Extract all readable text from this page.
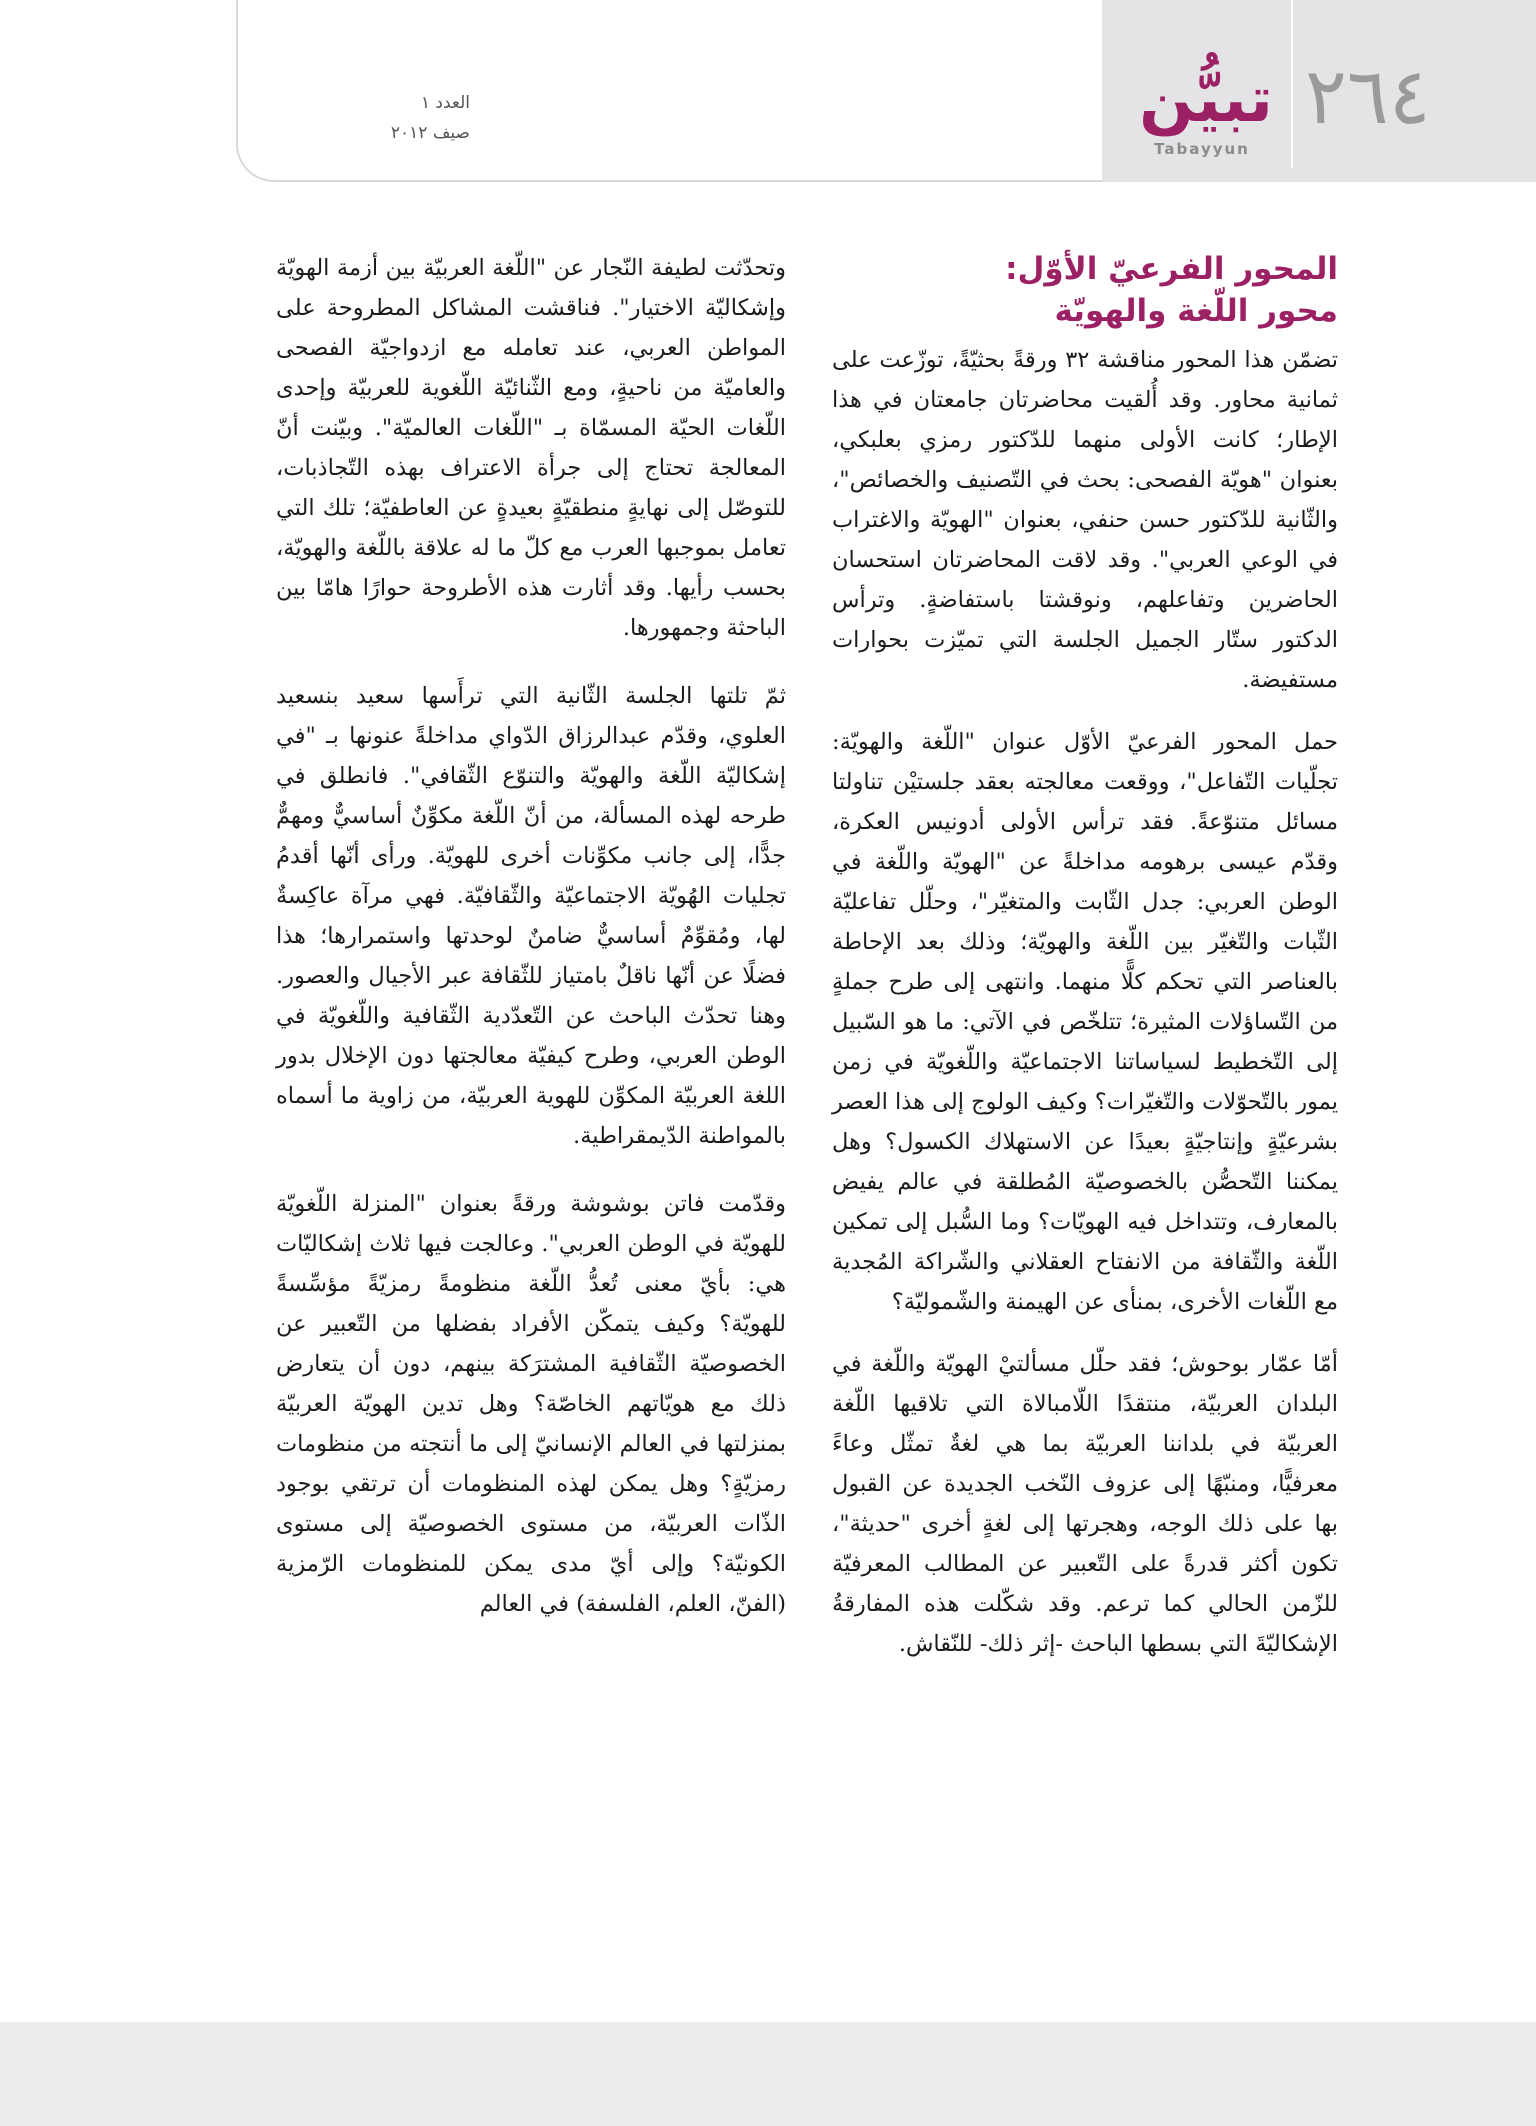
٢٦٤
تبيُّن
Tabayyun
العدد ١
صيف ٢٠١٢
المحور الفرعيّ الأوّل:
محور اللّغة والهويّة

تضمّن هذا المحور مناقشة ٣٢ ورقةً بحثيّةً، توزّعت على ثمانية محاور. وقد أُلقيت محاضرتان جامعتان في هذا الإطار؛ كانت الأولى منهما للدّكتور رمزي بعلبكي، بعنوان "هويّة الفصحى: بحث في التّصنيف والخصائص"، والثّانية للدّكتور حسن حنفي، بعنوان "الهويّة والاغتراب في الوعي العربي". وقد لاقت المحاضرتان استحسان الحاضرين وتفاعلهم، ونوقشتا باستفاضةٍ. وترأس الدكتور ستّار الجميل الجلسة التي تميّزت بحوارات مستفيضة.

حمل المحور الفرعيّ الأوّل عنوان "اللّغة والهويّة: تجلّيات التّفاعل"، ووقعت معالجته بعقد جلستيْن تناولتا مسائل متنوّعةً. فقد ترأس الأولى أدونيس العكرة، وقدّم عيسى برهومه مداخلةً عن "الهويّة واللّغة في الوطن العربي: جدل الثّابت والمتغيّر"، وحلّل تفاعليّة الثّبات والتّغيّر بين اللّغة والهويّة؛ وذلك بعد الإحاطة بالعناصر التي تحكم كلًّا منهما. وانتهى إلى طرح جملةٍ من التّساؤلات المثيرة؛ تتلخّص في الآتي: ما هو السّبيل إلى التّخطيط لسياساتنا الاجتماعيّة واللّغويّة في زمن يمور بالتّحوّلات والتّغيّرات؟ وكيف الولوج إلى هذا العصر بشرعيّةٍ وإنتاجيّةٍ بعيدًا عن الاستهلاك الكسول؟ وهل يمكننا التّحصُّن بالخصوصيّة المُطلقة في عالم يفيض بالمعارف، وتتداخل فيه الهويّات؟ وما السُّبل إلى تمكين اللّغة والثّقافة من الانفتاح العقلاني والشّراكة المُجدية مع اللّغات الأخرى، بمنأى عن الهيمنة والشّموليّة؟

أمّا عمّار بوحوش؛ فقد حلّل مسألتيْ الهويّة واللّغة في البلدان العربيّة، منتقدًا اللّامبالاة التي تلاقيها اللّغة العربيّة في بلداننا العربيّة بما هي لغةٌ تمثّل وعاءً معرفيًّا، ومنبّهًا إلى عزوف النّخب الجديدة عن القبول بها على ذلك الوجه، وهجرتها إلى لغةٍ أخرى "حديثة"، تكون أكثر قدرةً على التّعبير عن المطالب المعرفيّة للزّمن الحالي كما ترعم. وقد شكّلت هذه المفارقةُ الإشكاليّةَ التي بسطها الباحث -إثر ذلك- للنّقاش.

وتحدّثت لطيفة النّجار عن "اللّغة العربيّة بين أزمة الهويّة وإشكاليّة الاختيار". فناقشت المشاكل المطروحة على المواطن العربي، عند تعامله مع ازدواجيّة الفصحى والعاميّة من ناحيةٍ، ومع الثّنائيّة اللّغوية للعربيّة وإحدى اللّغات الحيّة المسمّاة بـ "اللّغات العالميّة". وبيّنت أنّ المعالجة تحتاج إلى جرأة الاعتراف بهذه التّجاذبات، للتوصّل إلى نهايةٍ منطقيّةٍ بعيدةٍ عن العاطفيّة؛ تلك التي تعامل بموجبها العرب مع كلّ ما له علاقة باللّغة والهويّة، بحسب رأيها. وقد أثارت هذه الأطروحة حوارًا هامّا بين الباحثة وجمهورها.

ثمّ تلتها الجلسة الثّانية التي ترأَسها سعيد بنسعيد العلوي، وقدّم عبدالرزاق الدّواي مداخلةً عنونها بـ "في إشكاليّة اللّغة والهويّة والتنوّع الثّقافي". فانطلق في طرحه لهذه المسألة، من أنّ اللّغة مكوِّنٌ أساسيٌّ ومهمٌّ جدًّا، إلى جانب مكوِّنات أخرى للهويّة. ورأى أنّها أقدمُ تجليات الهُويّة الاجتماعيّة والثّقافيّة. فهي مرآة عاكِسةٌ لها، ومُقوِّمٌ أساسيٌّ ضامنٌ لوحدتها واستمرارها؛ هذا فضلًا عن أنّها ناقلٌ بامتياز للثّقافة عبر الأجيال والعصور. وهنا تحدّث الباحث عن التّعدّدية الثّقافية واللّغويّة في الوطن العربي، وطرح كيفيّة معالجتها دون الإخلال بدور اللغة العربيّة المكوِّن للهوية العربيّة، من زاوية ما أسماه بالمواطنة الدّيمقراطية.

وقدّمت فاتن بوشوشة ورقةً بعنوان "المنزلة اللّغويّة للهويّة في الوطن العربي". وعالجت فيها ثلاث إشكاليّات هي: بأيّ معنى تُعدُّ اللّغة منظومةً رمزيّةً مؤسِّسةً للهويّة؟ وكيف يتمكّن الأفراد بفضلها من التّعبير عن الخصوصيّة الثّقافية المشترَكة بينهم، دون أن يتعارض ذلك مع هويّاتهم الخاصّة؟ وهل تدين الهويّة العربيّة بمنزلتها في العالم الإنسانيّ إلى ما أنتجته من منظومات رمزيّةٍ؟ وهل يمكن لهذه المنظومات أن ترتقي بوجود الذّات العربيّة، من مستوى الخصوصيّة إلى مستوى الكونيّة؟ وإلى أيّ مدى يمكن للمنظومات الرّمزية (الفنّ، العلم، الفلسفة) في العالم
